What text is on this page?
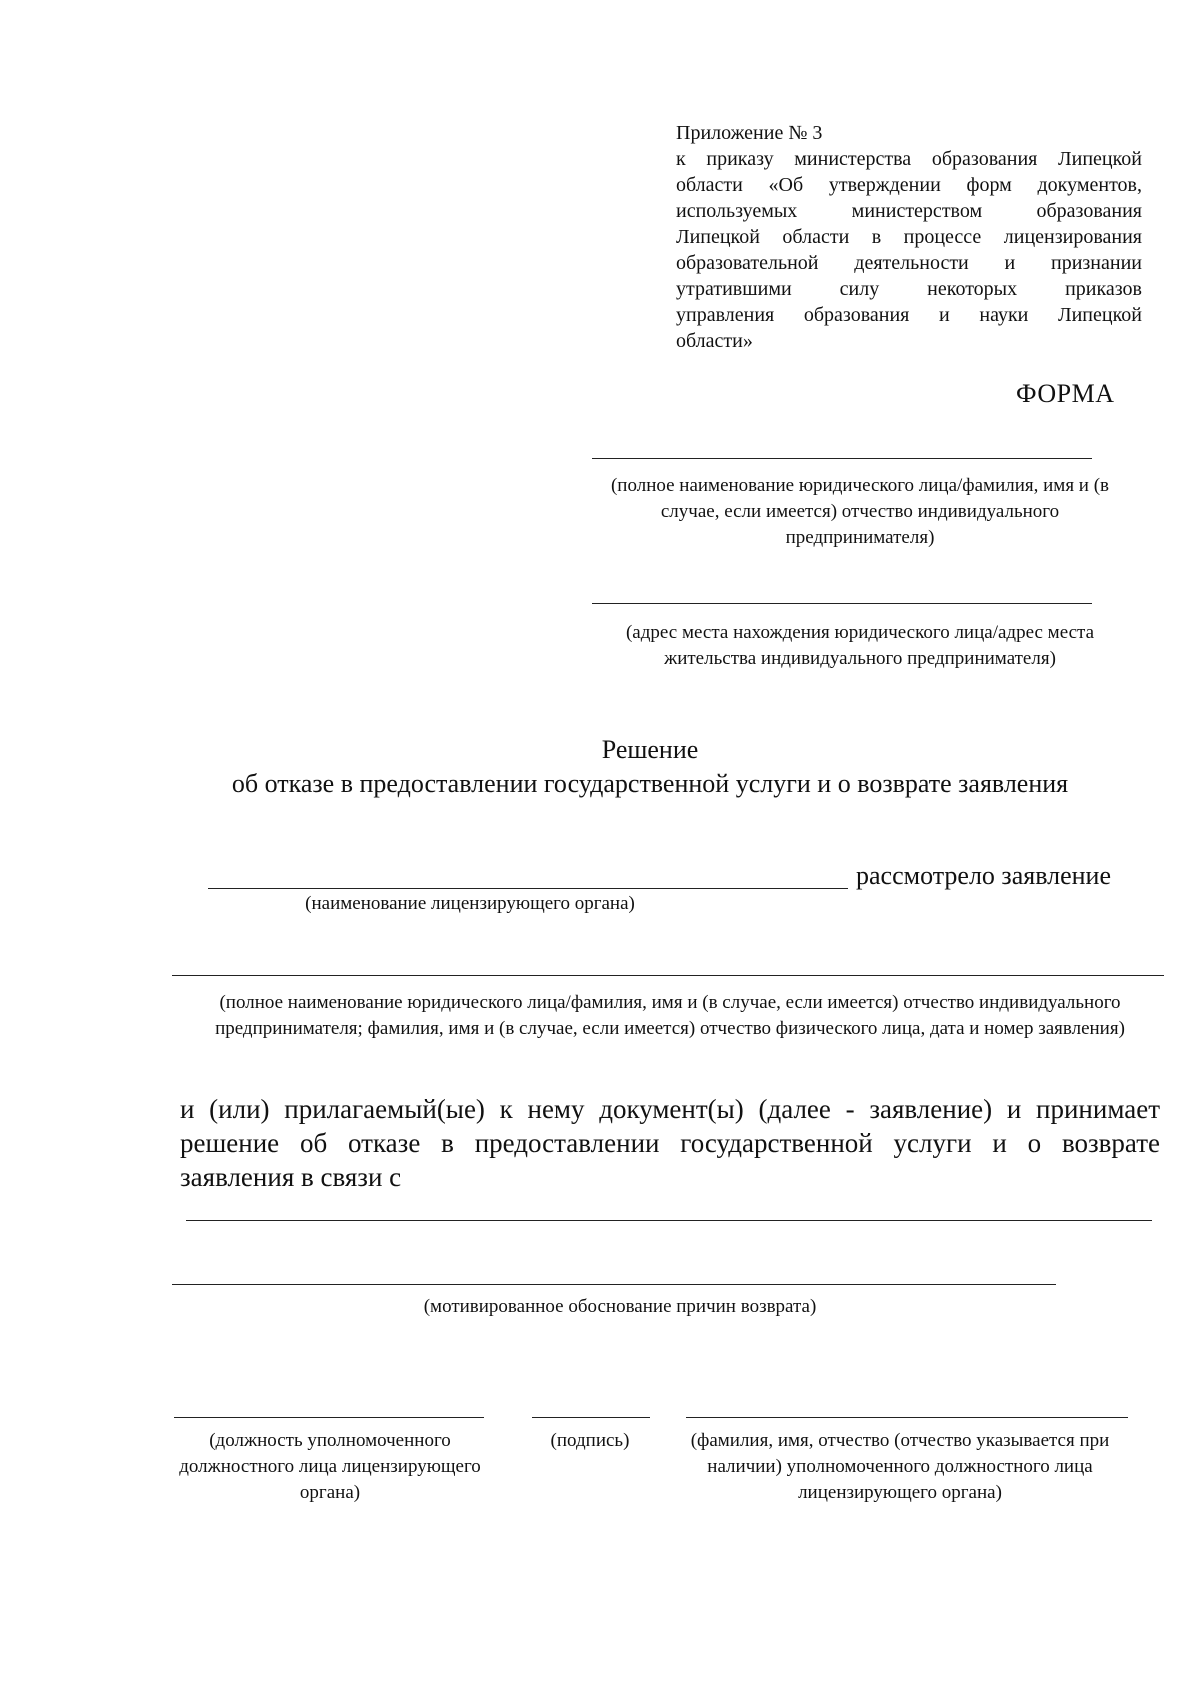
Приложение № 3
к приказу министерства образования Липецкой
области «Об утверждении форм документов,
используемых министерством образования
Липецкой области в процессе лицензирования
образовательной деятельности и признании
утратившими силу некоторых приказов
управления образования и науки Липецкой
области»
ФОРМА
(полное наименование юридического лица/фамилия, имя и (в случае, если имеется) отчество индивидуального предпринимателя)
(адрес места нахождения юридического лица/адрес места жительства индивидуального предпринимателя)
Решение
об отказе в предоставлении государственной услуги и о возврате заявления
рассмотрело заявление
(наименование лицензирующего органа)
(полное наименование юридического лица/фамилия, имя и (в случае, если имеется) отчество индивидуального предпринимателя; фамилия, имя и (в случае, если имеется) отчество физического лица, дата и номер заявления)
и (или) прилагаемый(ые) к нему документ(ы) (далее - заявление) и принимает
решение об отказе в предоставлении государственной услуги и о возврате
заявления в связи с
(мотивированное обоснование причин возврата)
(должность уполномоченного должностного лица лицензирующего органа)
(подпись)	(фамилия, имя, отчество (отчество указывается при наличии) уполномоченного должностного лица лицензирующего органа)
